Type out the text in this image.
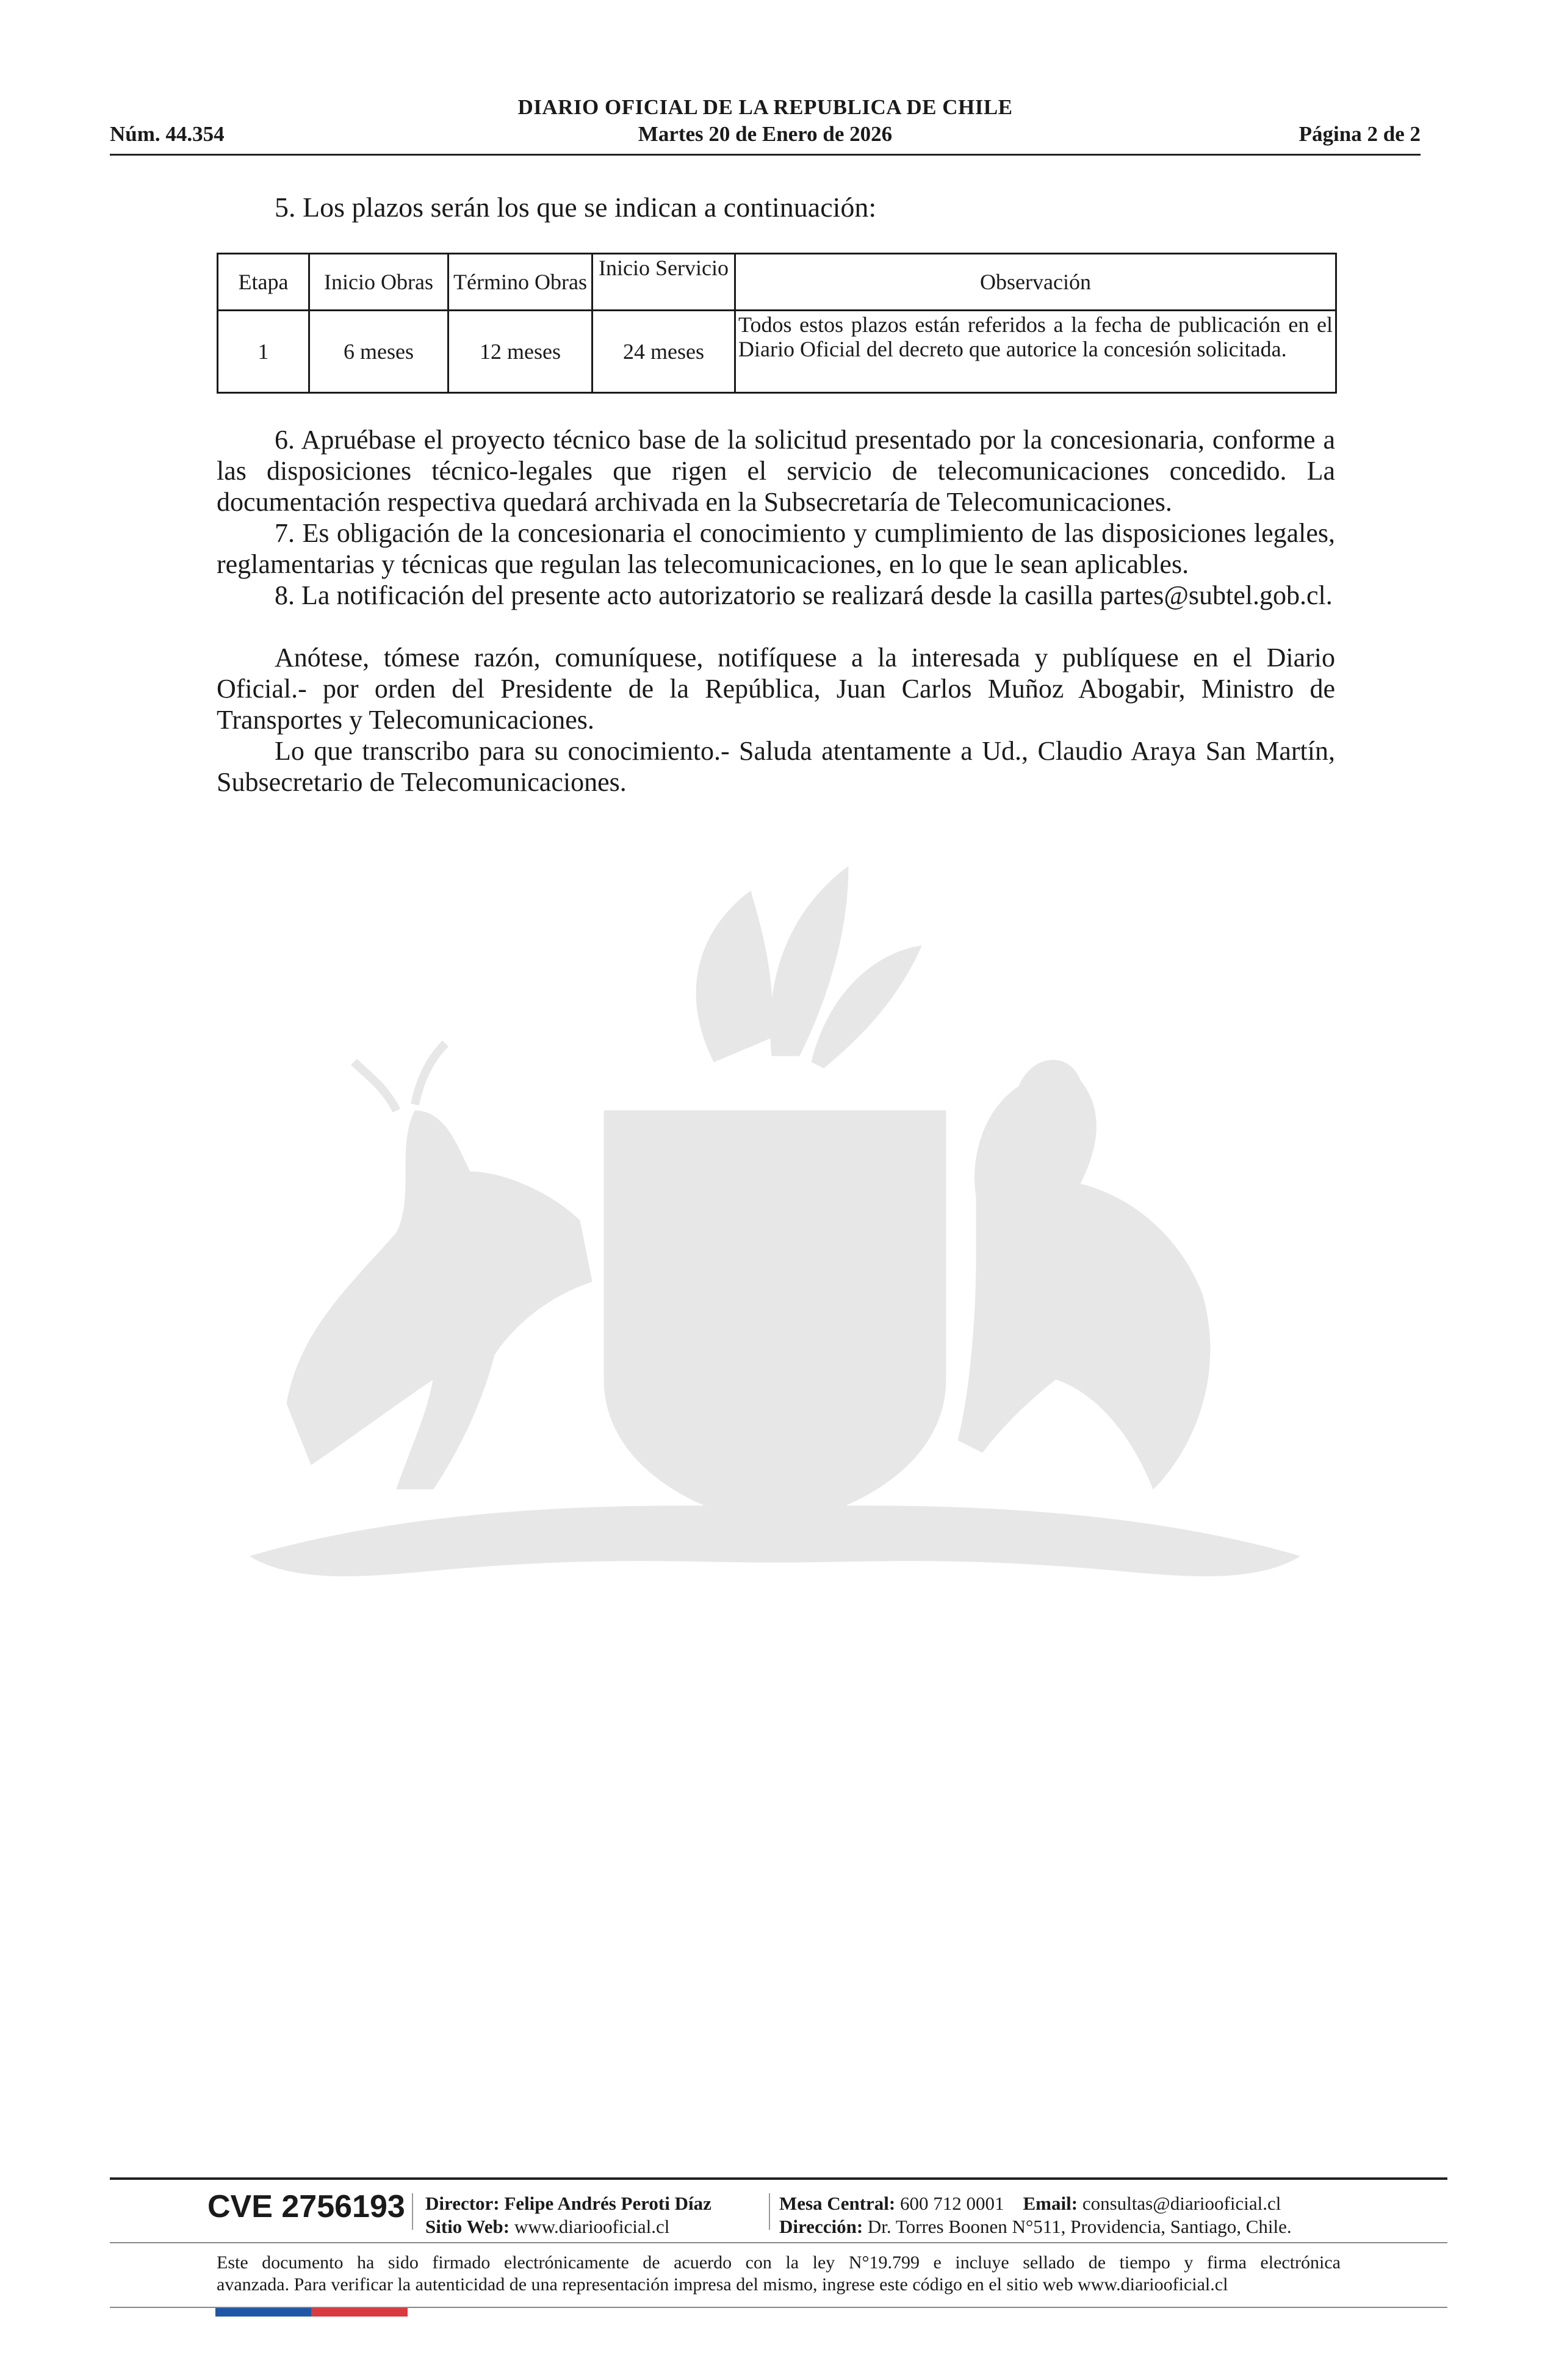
DIARIO OFICIAL DE LA REPUBLICA DE CHILE
Núm. 44.354	Martes 20 de Enero de 2026	Página 2 de 2
POR LA RAZON O LA FUERZA

5. Los plazos serán los que se indican a continuación:

Etapa	Inicio Obras	Término Obras	Inicio Servicio	Observación
1	6 meses	12 meses	24 meses	Todos estos plazos están referidos a la fecha de publicación en el Diario Oficial del decreto que autorice la concesión solicitada.

6. Apruébase el proyecto técnico base de la solicitud presentado por la concesionaria, conforme a las disposiciones técnico-legales que rigen el servicio de telecomunicaciones concedido. La documentación respectiva quedará archivada en la Subsecretaría de Telecomunicaciones.

7. Es obligación de la concesionaria el conocimiento y cumplimiento de las disposiciones legales, reglamentarias y técnicas que regulan las telecomunicaciones, en lo que le sean aplicables.

8. La notificación del presente acto autorizatorio se realizará desde la casilla partes@subtel.gob.cl.

Anótese, tómese razón, comuníquese, notifíquese a la interesada y publíquese en el Diario Oficial.- por orden del Presidente de la República, Juan Carlos Muñoz Abogabir, Ministro de Transportes y Telecomunicaciones.

Lo que transcribo para su conocimiento.- Saluda atentamente a Ud., Claudio Araya San Martín, Subsecretario de Telecomunicaciones.

CVE 2756193 Director: Felipe Andrés Peroti Díaz
Sitio Web: www.diariooficial.cl
Mesa Central: 600 712 0001 Email: consultas@diariooficial.cl
Dirección: Dr. Torres Boonen N°511, Providencia, Santiago, Chile.
Este documento ha sido firmado electrónicamente de acuerdo con la ley N°19.799 e incluye sellado de tiempo y firma electrónica
avanzada. Para verificar la autenticidad de una representación impresa del mismo, ingrese este código en el sitio web www.diariooficial.cl
